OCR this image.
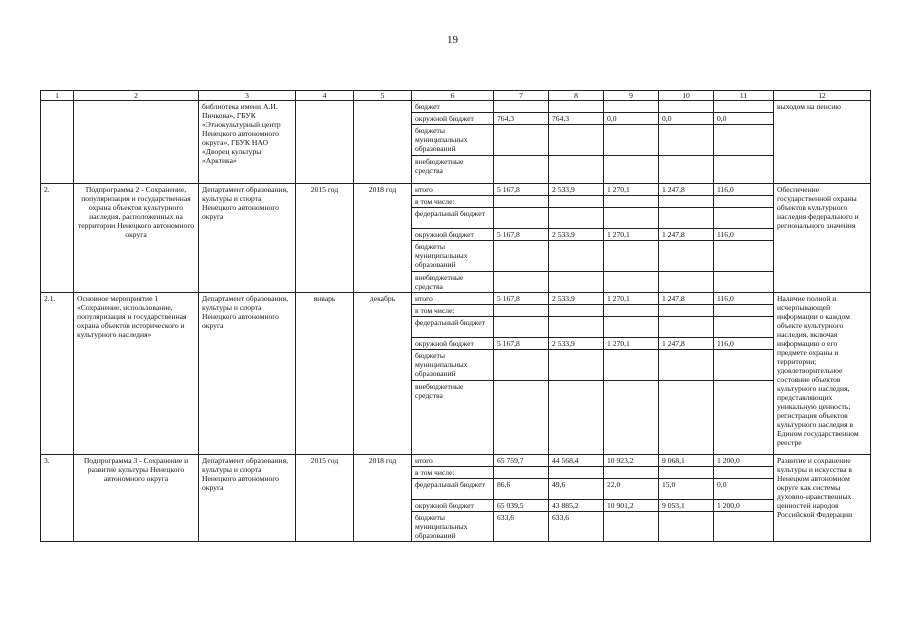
19
1	2	3	4	5	6	7	8	9	10	11	12
		библиотека имени А.И. Пичкова», ГБУК «Этнокультурный центр Ненецкого автономного округа», ГБУК НАО «Дворец культуры «Арктика»			бюджет						выходом на пенсию
					окружной бюджет	764,3	764,3	0,0	0,0	0,0	
					бюджеты муниципальных образований						
					внебюджетные средства						
2.	Подпрограмма 2 - Сохранение, популяризация и государственная охрана объектов культурного наследия, расположенных на территории Ненецкого автономного округа	Департамент образования, культуры и спорта Ненецкого автономного округа	2015 год	2018 год	итого	5 167,8	2 533,9	1 270,1	1 247,8	116,0	Обеспечение государственной охраны объектов культурного наследия федерального и регионального значения
					в том числе:						
					федеральный бюджет						
					окружной бюджет	5 167,8	2 533,9	1 270,1	1 247,8	116,0	
					бюджеты муниципальных образований						
					внебюджетные средства						
2.1.	Основное мероприятие 1 «Сохранение, использование, популяризация и государственная охрана объектов исторического и культурного наследия»	Департамент образования, культуры и спорта Ненецкого автономного округа	январь	декабрь	итого	5 167,8	2 533,9	1 270,1	1 247,8	116,0	Наличие полной и исчерпывающей информации о каждом объекте культурного наследия, включая информацию о его предмете охраны и территории; удовлетворительное состояние объектов культурного наследия, представляющих уникальную ценность; регистрация объектов культурного наследия в Едином государственном реестре
					в том числе:						
					федеральный бюджет						
					окружной бюджет	5 167,8	2 533,9	1 270,1	1 247,8	116,0	
					бюджеты муниципальных образований						
					внебюджетные средства						
3.	Подпрограмма 3 - Сохранение и развитие культуры Ненецкого автономного округа	Департамент образования, культуры и спорта Ненецкого автономного округа	2015 год	2018 год	итого	65 759,7	44 568,4	10 923,2	9 068,1	1 200,0	Развитие и сохранение культуры и искусства в Ненецком автономном округе как системы духовно-нравственных ценностей народов Российской Федерации
					в том числе:						
					федеральный бюджет	86,6	49,6	22,0	15,0	0,0	
					окружной бюджет	65 039,5	43 885,2	10 901,2	9 053,1	1 200,0	
					бюджеты муниципальных образований	633,6	633,6				
